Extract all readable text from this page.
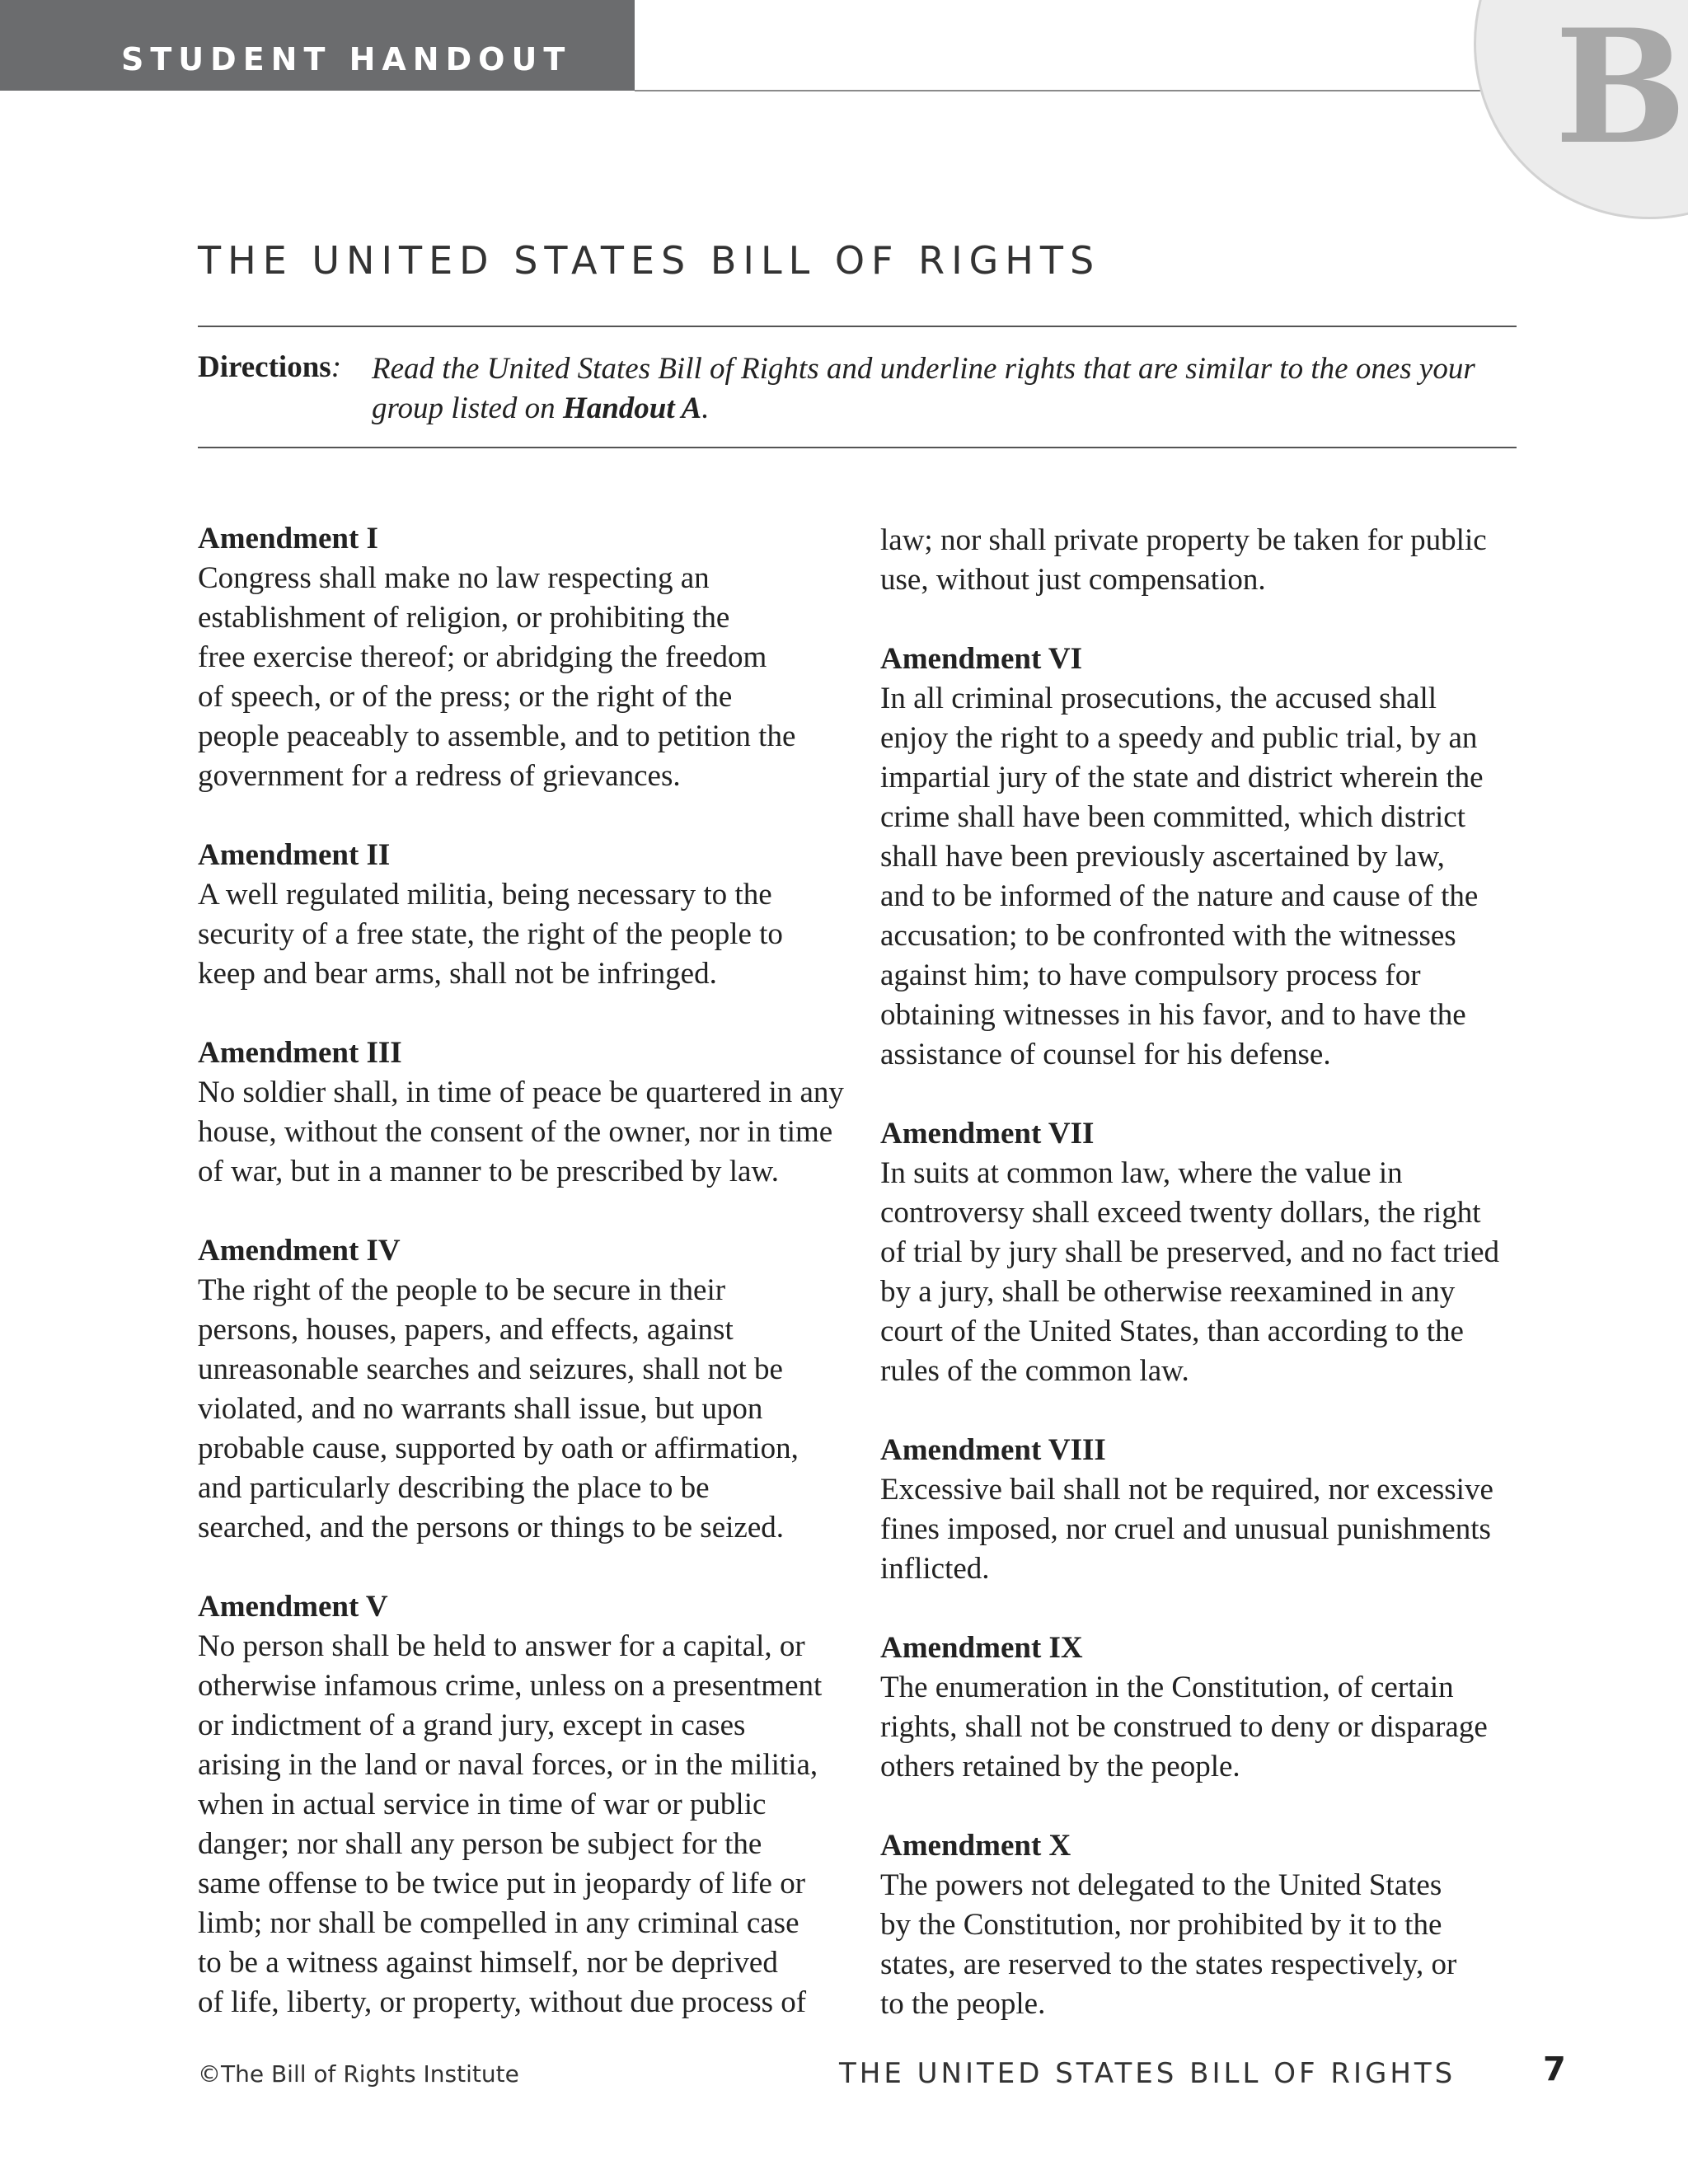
STUDENT HANDOUT	B
THE UNITED STATES BILL OF RIGHTS
Directions: Read the United States Bill of Rights and underline rights that are similar to the ones your group listed on Handout A.
Amendment I
Congress shall make no law respecting an
establishment of religion, or prohibiting the
free exercise thereof; or abridging the freedom
of speech, or of the press; or the right of the
people peaceably to assemble, and to petition the
government for a redress of grievances.
Amendment II
A well regulated militia, being necessary to the
security of a free state, the right of the people to
keep and bear arms, shall not be infringed.
Amendment III
No soldier shall, in time of peace be quartered in any
house, without the consent of the owner, nor in time
of war, but in a manner to be prescribed by law.
Amendment IV
The right of the people to be secure in their
persons, houses, papers, and effects, against
unreasonable searches and seizures, shall not be
violated, and no warrants shall issue, but upon
probable cause, supported by oath or affirmation,
and particularly describing the place to be
searched, and the persons or things to be seized.
Amendment V
No person shall be held to answer for a capital, or
otherwise infamous crime, unless on a presentment
or indictment of a grand jury, except in cases
arising in the land or naval forces, or in the militia,
when in actual service in time of war or public
danger; nor shall any person be subject for the
same offense to be twice put in jeopardy of life or
limb; nor shall be compelled in any criminal case
to be a witness against himself, nor be deprived
of life, liberty, or property, without due process of
law; nor shall private property be taken for public
use, without just compensation.
Amendment VI
In all criminal prosecutions, the accused shall
enjoy the right to a speedy and public trial, by an
impartial jury of the state and district wherein the
crime shall have been committed, which district
shall have been previously ascertained by law,
and to be informed of the nature and cause of the
accusation; to be confronted with the witnesses
against him; to have compulsory process for
obtaining witnesses in his favor, and to have the
assistance of counsel for his defense.
Amendment VII
In suits at common law, where the value in
controversy shall exceed twenty dollars, the right
of trial by jury shall be preserved, and no fact tried
by a jury, shall be otherwise reexamined in any
court of the United States, than according to the
rules of the common law.
Amendment VIII
Excessive bail shall not be required, nor excessive
fines imposed, nor cruel and unusual punishments
inflicted.
Amendment IX
The enumeration in the Constitution, of certain
rights, shall not be construed to deny or disparage
others retained by the people.
Amendment X
The powers not delegated to the United States
by the Constitution, nor prohibited by it to the
states, are reserved to the states respectively, or
to the people.
©The Bill of Rights Institute	THE UNITED STATES BILL OF RIGHTS	7
